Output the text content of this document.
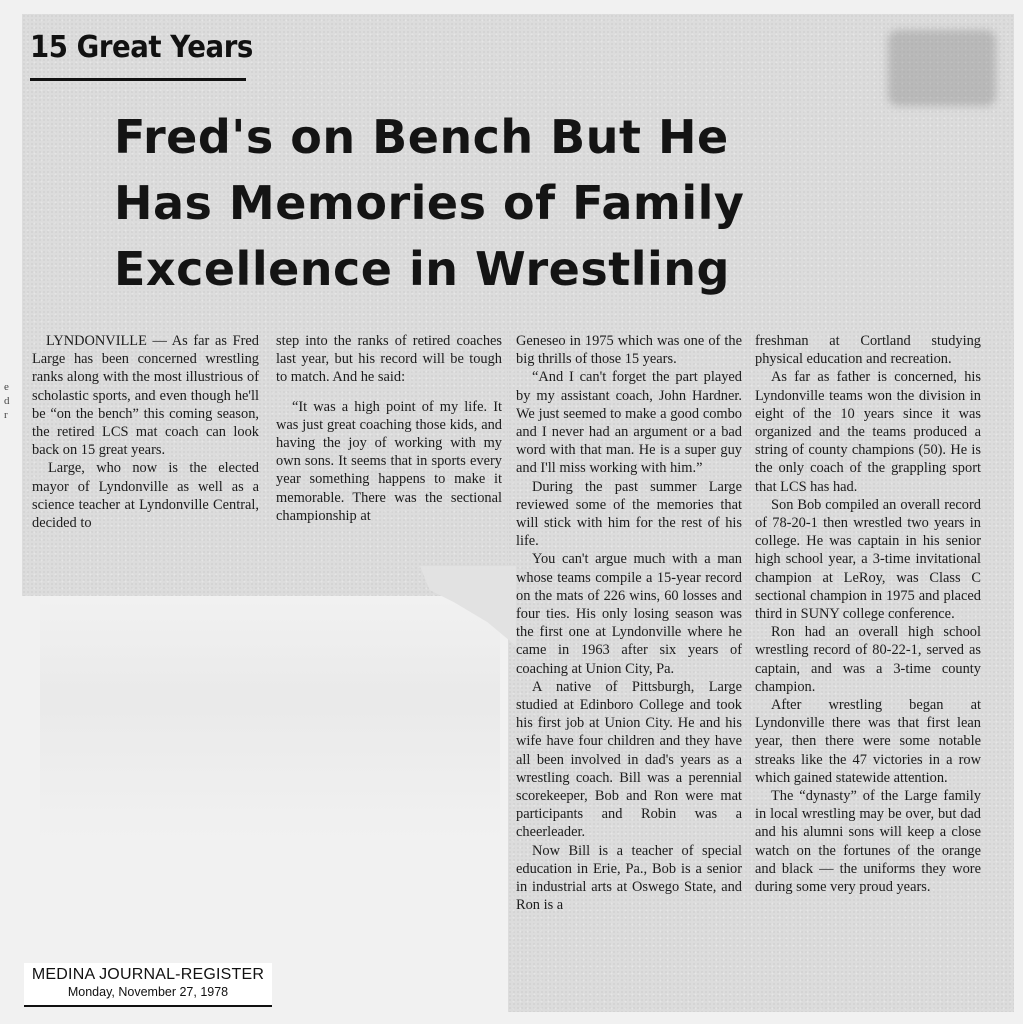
e d r
15 Great Years
Fred's on Bench But He
Has Memories of Family
Excellence in Wrestling

LYNDONVILLE — As far as Fred Large has been concerned wrestling ranks along with the most illustrious of scholastic sports, and even though he'll be “on the bench” this coming season, the retired LCS mat coach can look back on 15 great years.

Large, who now is the elected mayor of Lyndonville as well as a science teacher at Lyndonville Central, decided to

step into the ranks of retired coaches last year, but his record will be tough to match. And he said:

“It was a high point of my life. It was just great coaching those kids, and having the joy of working with my own sons. It seems that in sports every year something happens to make it memorable. There was the sectional championship at

Geneseo in 1975 which was one of the big thrills of those 15 years.

“And I can't forget the part played by my assistant coach, John Hardner. We just seemed to make a good combo and I never had an argument or a bad word with that man. He is a super guy and I'll miss working with him.”

During the past summer Large reviewed some of the memories that will stick with him for the rest of his life.

You can't argue much with a man whose teams compile a 15-year record on the mats of 226 wins, 60 losses and four ties. His only losing season was the first one at Lyndonville where he came in 1963 after six years of coaching at Union City, Pa.

A native of Pittsburgh, Large studied at Edinboro College and took his first job at Union City. He and his wife have four children and they have all been involved in dad's years as a wrestling coach. Bill was a perennial scorekeeper, Bob and Ron were mat participants and Robin was a cheerleader.

Now Bill is a teacher of special education in Erie, Pa., Bob is a senior in industrial arts at Oswego State, and Ron is a

freshman at Cortland studying physical education and recreation.

As far as father is concerned, his Lyndonville teams won the division in eight of the 10 years since it was organized and the teams produced a string of county champions (50). He is the only coach of the grappling sport that LCS has had.

Son Bob compiled an overall record of 78-20-1 then wrestled two years in college. He was captain in his senior high school year, a 3-time invitational champion at LeRoy, was Class C sectional champion in 1975 and placed third in SUNY college conference.

Ron had an overall high school wrestling record of 80-22-1, served as captain, and was a 3-time county champion.

After wrestling began at Lyndonville there was that first lean year, then there were some notable streaks like the 47 victories in a row which gained statewide attention.

The “dynasty” of the Large family in local wrestling may be over, but dad and his alumni sons will keep a close watch on the fortunes of the orange and black — the uniforms they wore during some very proud years.

MEDINA JOURNAL-REGISTER
Monday, November 27, 1978
